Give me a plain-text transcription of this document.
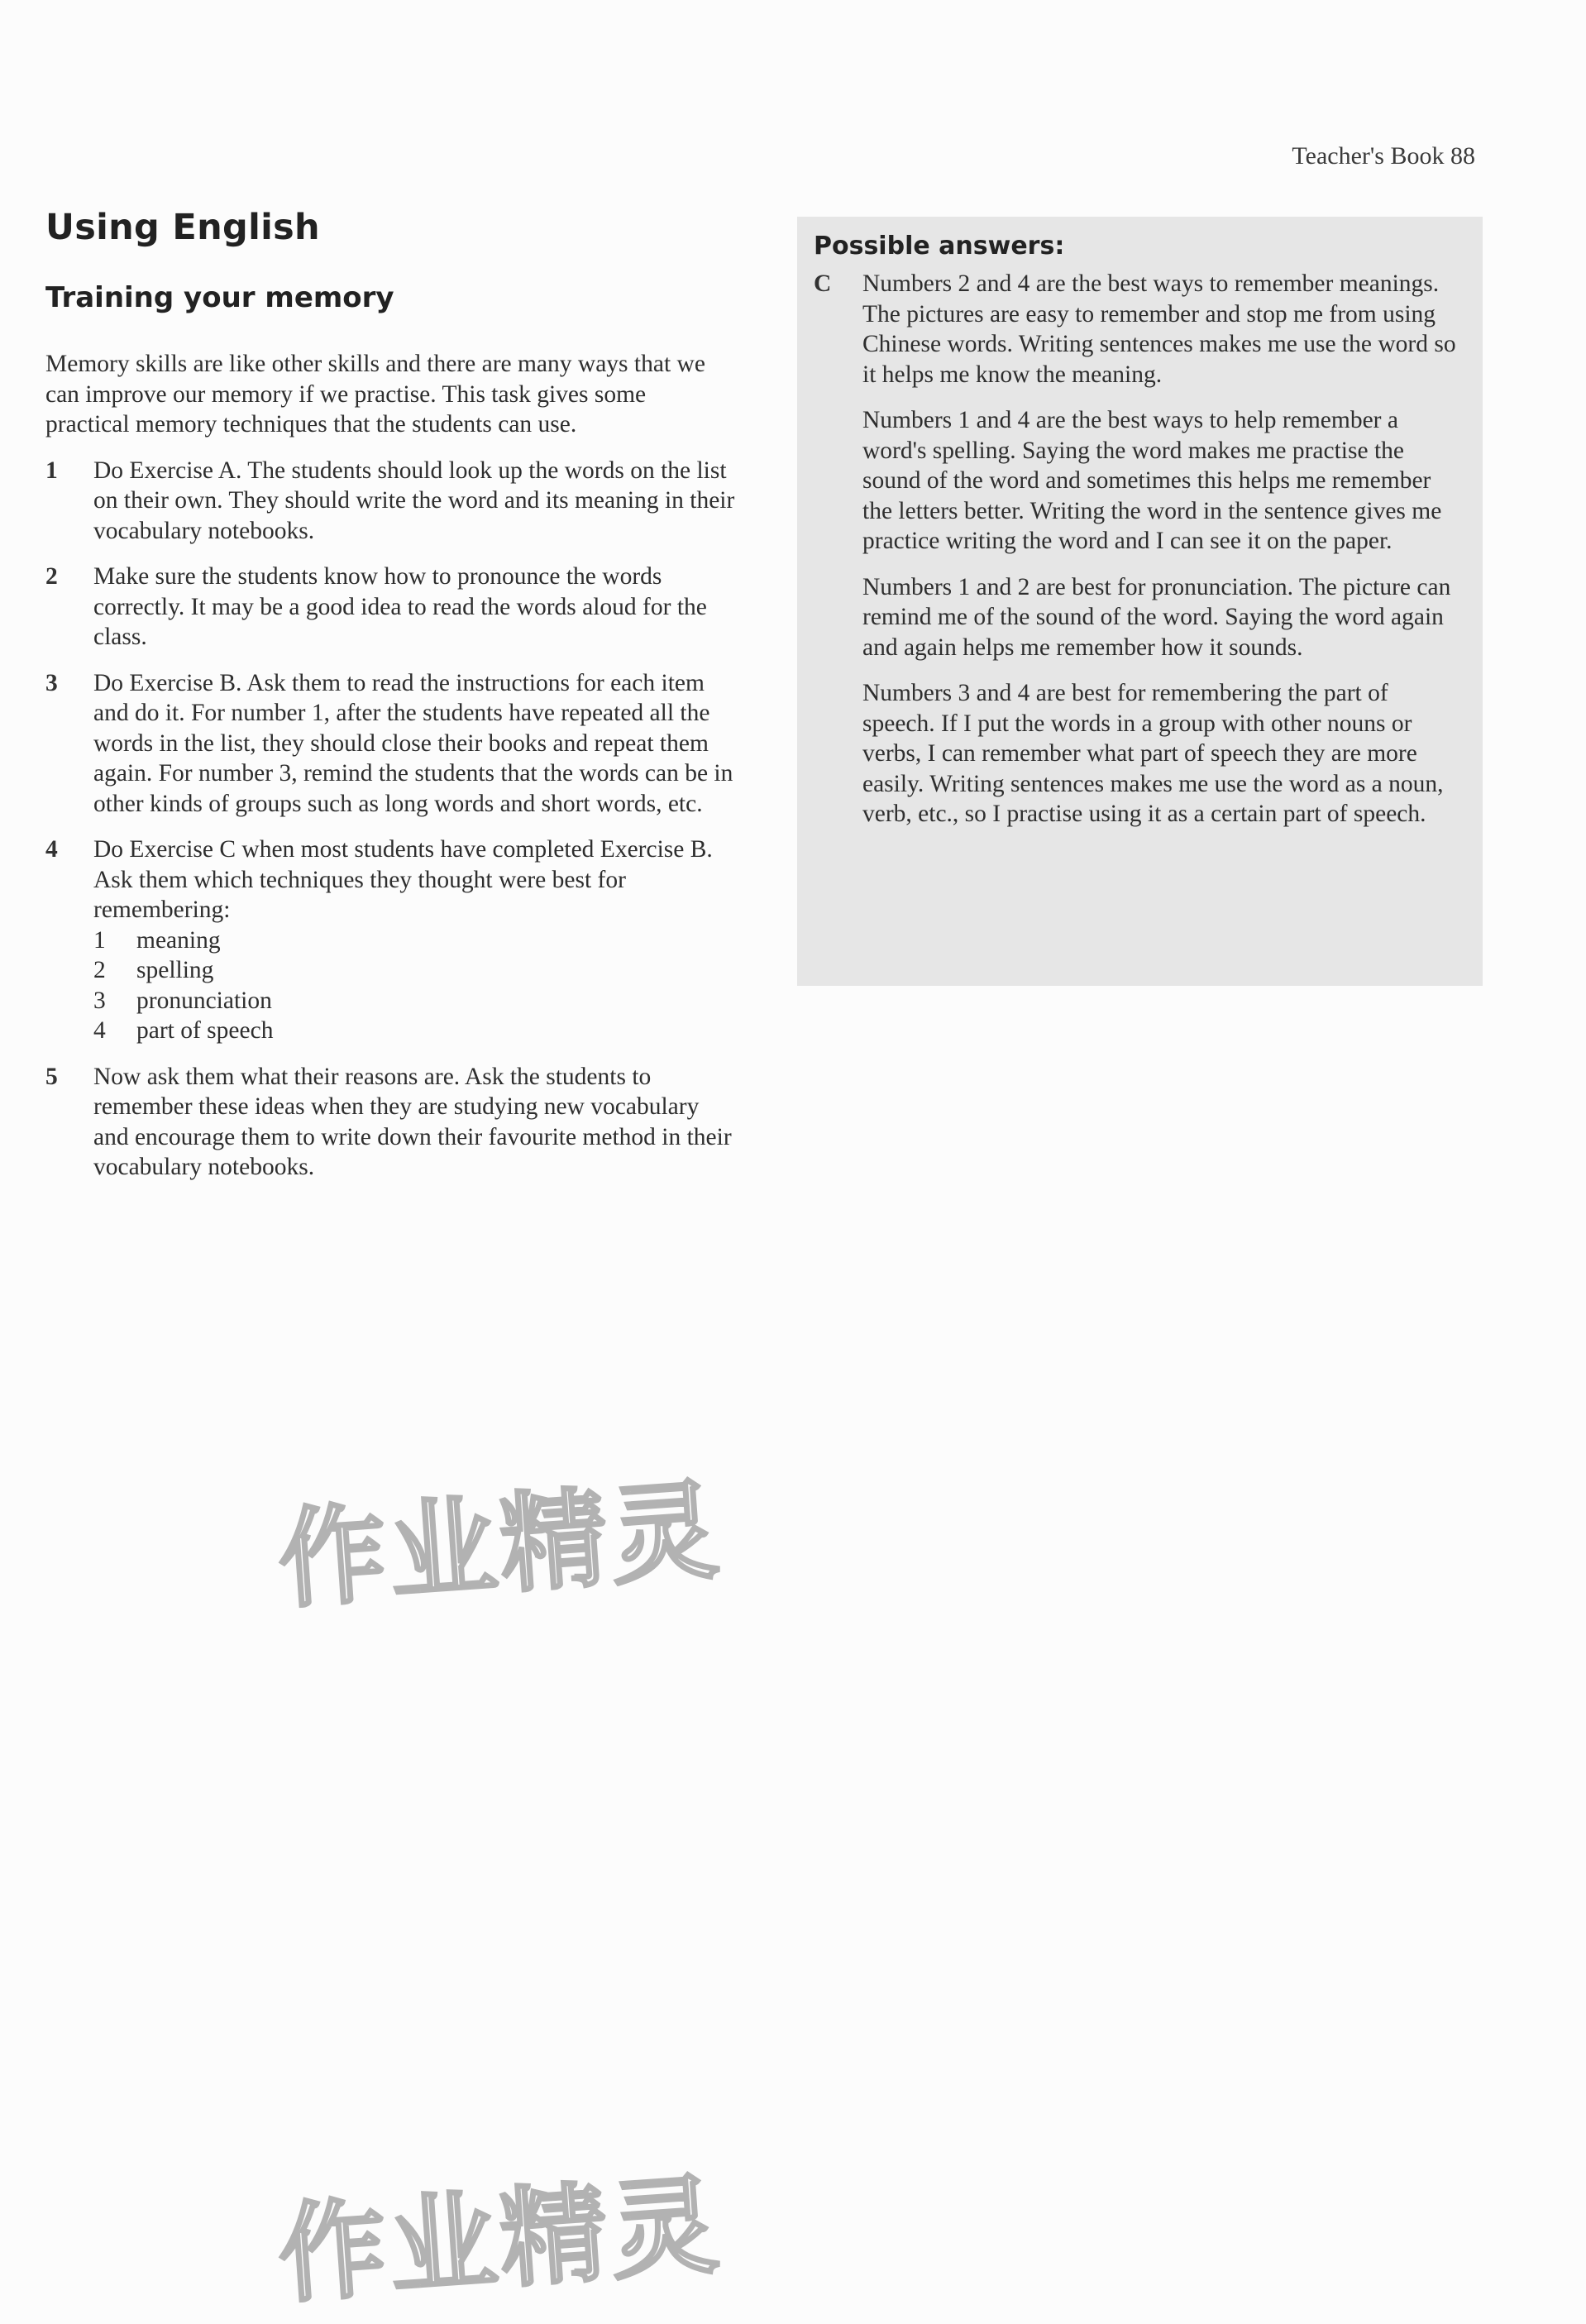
Teacher's Book 88
Using English
Training your memory

Memory skills are like other skills and there are many ways that we can improve our memory if we practise. This task gives some practical memory techniques that the students can use.

1	Do Exercise A. The students should look up the words on the list on their own. They should write the word and its meaning in their vocabulary notebooks.

2	Make sure the students know how to pronounce the words correctly. It may be a good idea to read the words aloud for the class.

3	Do Exercise B. Ask them to read the instructions for each item and do it. For number 1, after the students have repeated all the words in the list, they should close their books and repeat them again. For number 3, remind the students that the words can be in other kinds of groups such as long words and short words, etc.

4	Do Exercise C when most students have completed Exercise B. Ask them which techniques they thought were best for remembering:

1	meaning
2	spelling
3	pronunciation
4	part of speech
5	Now ask them what their reasons are. Ask the students to remember these ideas when they are studying new vocabulary and encourage them to write down their favourite method in their vocabulary notebooks.

Possible answers:
C	Numbers 2 and 4 are the best ways to remember meanings. The pictures are easy to remember and stop me from using Chinese words. Writing sentences makes me use the word so it helps me know the meaning.

Numbers 1 and 4 are the best ways to help remember a word's spelling. Saying the word makes me practise the sound of the word and sometimes this helps me remember the letters better. Writing the word in the sentence gives me practice writing the word and I can see it on the paper.

Numbers 1 and 2 are best for pronunciation. The picture can remind me of the sound of the word. Saying the word again and again helps me remember how it sounds.

Numbers 3 and 4 are best for remembering the part of speech. If I put the words in a group with other nouns or verbs, I can remember what part of speech they are more easily. Writing sentences makes me use the word as a noun, verb, etc., so I practise using it as a certain part of speech.

作业精灵
作业精灵
